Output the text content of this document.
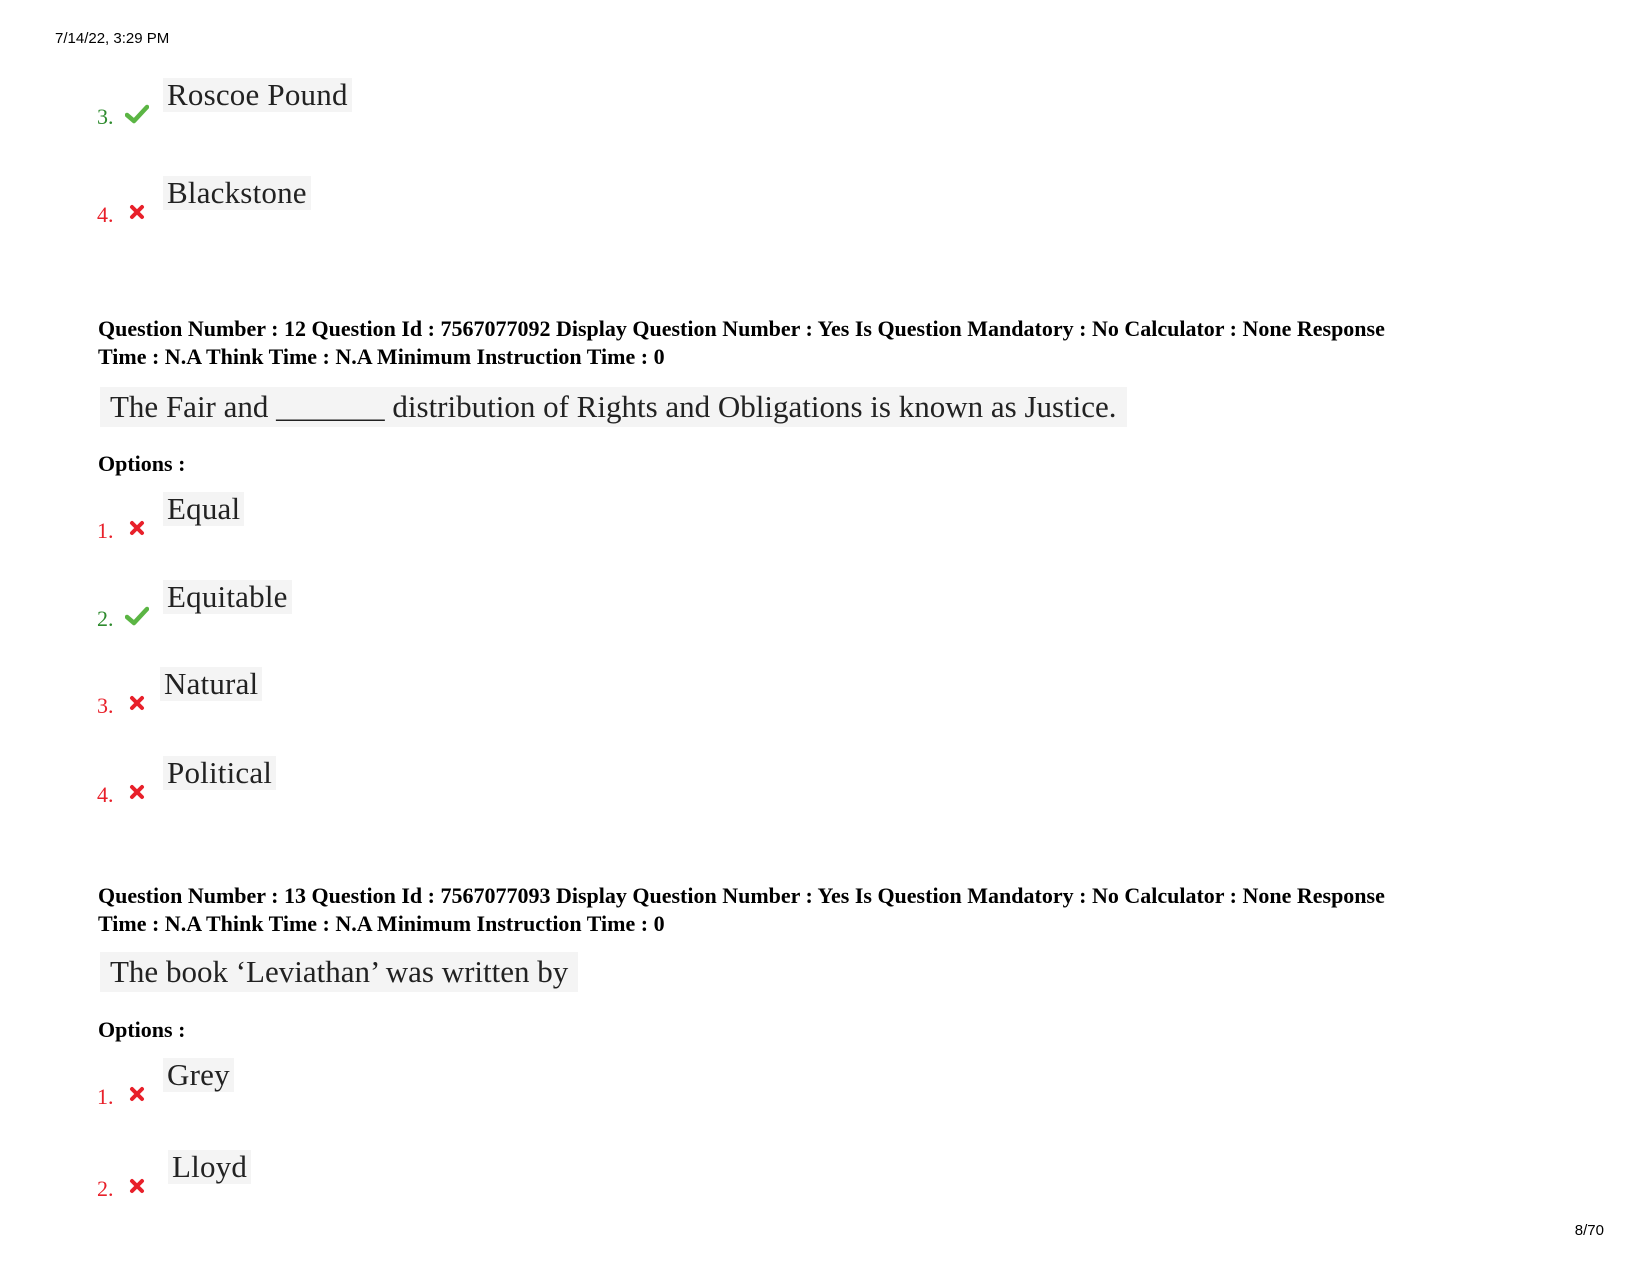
7/14/22, 3:29 PM
3.
Roscoe Pound
4.
Blackstone
Question Number : 12 Question Id : 7567077092 Display Question Number : Yes Is Question Mandatory : No Calculator : None Response
Time : N.A Think Time : N.A Minimum Instruction Time : 0
The Fair and _______ distribution of Rights and Obligations is known as Justice.
Options :
1.
Equal
2.
Equitable
3.
Natural
4.
Political
Question Number : 13 Question Id : 7567077093 Display Question Number : Yes Is Question Mandatory : No Calculator : None Response
Time : N.A Think Time : N.A Minimum Instruction Time : 0
The book ‘Leviathan’ was written by
Options :
1.
Grey
2.
Lloyd
8/70
